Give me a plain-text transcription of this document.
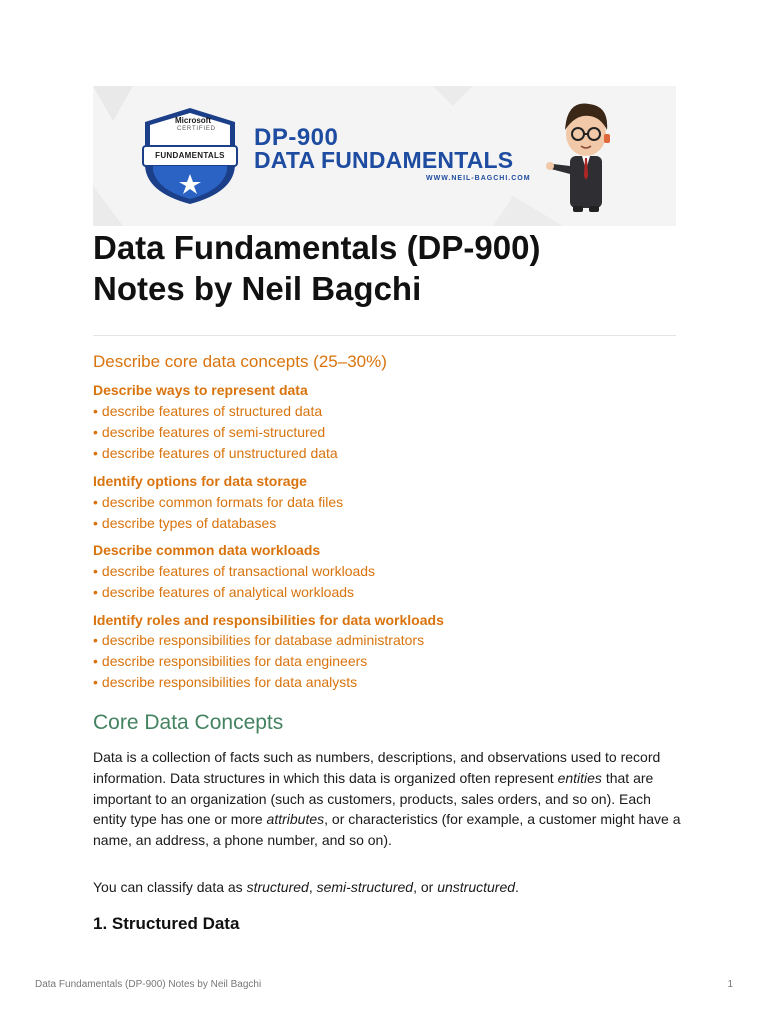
Microsoft
CERTIFIED
FUNDAMENTALS
DP-900
DATA FUNDAMENTALS
WWW.NEIL-BAGCHI.COM
Data Fundamentals (DP-900)
Notes by Neil Bagchi
Describe core data concepts (25–30%)
Describe ways to represent data
• describe features of structured data
• describe features of semi-structured
• describe features of unstructured data
Identify options for data storage
• describe common formats for data files
• describe types of databases
Describe common data workloads
• describe features of transactional workloads
• describe features of analytical workloads
Identify roles and responsibilities for data workloads
• describe responsibilities for database administrators
• describe responsibilities for data engineers
• describe responsibilities for data analysts
Core Data Concepts

Data is a collection of facts such as numbers, descriptions, and observations used to record information. Data structures in which this data is organized often represent entities that are important to an organization (such as customers, products, sales orders, and so on). Each entity type has one or more attributes, or characteristics (for example, a customer might have a name, an address, a phone number, and so on).

You can classify data as structured, semi-structured, or unstructured.

1. Structured Data
Data Fundamentals (DP-900) Notes by Neil Bagchi	1
